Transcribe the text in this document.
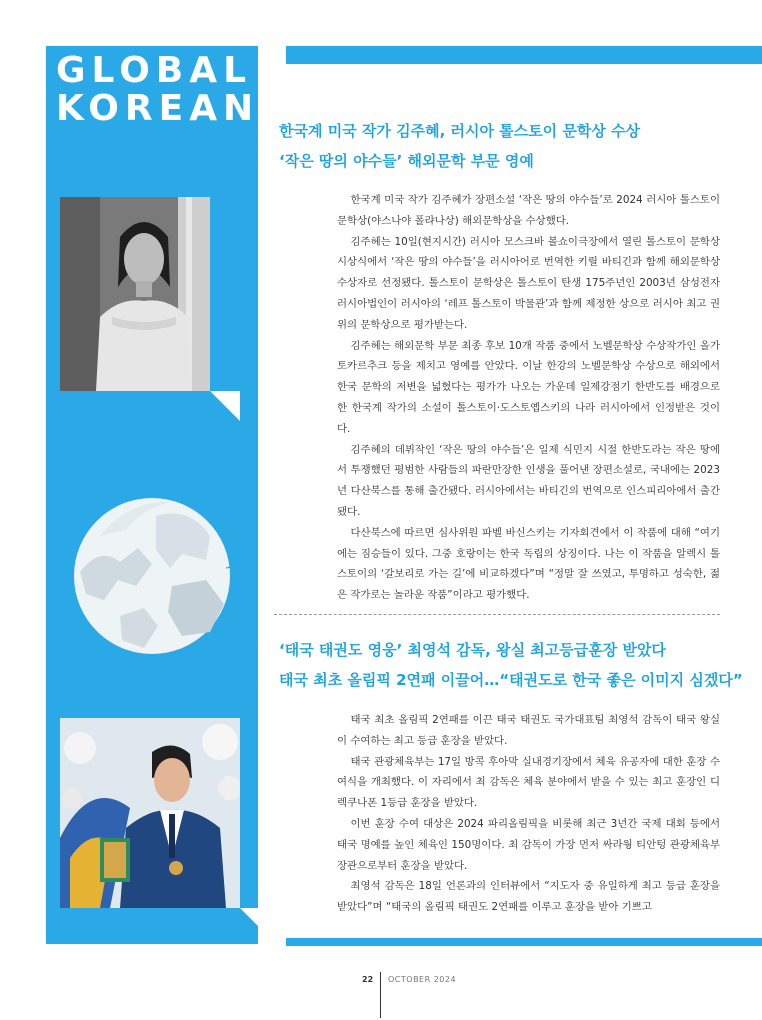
GLOBAL
KOREAN
한국계 미국 작가 김주혜, 러시아 톨스토이 문학상 수상
‘작은 땅의 야수들’ 해외문학 부문 영예

한국계 미국 작가 김주혜가 장편소설 ‘작은 땅의 야수들’로 2024 러시아 톨스토이 문학상(야스나야 폴랴나상) 해외문학상을 수상했다.

김주혜는 10일(현지시간) 러시아 모스크바 볼쇼이극장에서 열린 톨스토이 문학상 시상식에서 ‘작은 땅의 야수들’을 러시아어로 번역한 키릴 바티긴과 함께 해외문학상 수상자로 선정됐다. 톨스토이 문학상은 톨스토이 탄생 175주년인 2003년 삼성전자 러시아법인이 러시아의 ‘레프 톨스토이 박물관’과 함께 제정한 상으로 러시아 최고 권위의 문학상으로 평가받는다.

김주혜는 해외문학 부문 최종 후보 10개 작품 중에서 노벨문학상 수상작가인 올가 토카르추크 등을 제치고 영예를 안았다. 이날 한강의 노벨문학상 수상으로 해외에서 한국 문학의 저변을 넓혔다는 평가가 나오는 가운데 일제강점기 한반도를 배경으로 한 한국계 작가의 소설이 톨스토이·도스토옙스키의 나라 러시아에서 인정받은 것이다.

김주혜의 데뷔작인 ‘작은 땅의 야수들’은 일제 식민지 시절 한반도라는 작은 땅에서 투쟁했던 평범한 사람들의 파란만장한 인생을 풀어낸 장편소설로, 국내에는 2023년 다산북스를 통해 출간됐다. 러시아에서는 바티긴의 번역으로 인스피리아에서 출간됐다.

다산북스에 따르면 심사위원 파벨 바신스키는 기자회견에서 이 작품에 대해 “여기에는 짐승들이 있다. 그중 호랑이는 한국 독립의 상징이다. 나는 이 작품을 알렉시 톨스토이의 ‘갈보리로 가는 길’에 비교하겠다”며 “정말 잘 쓰였고, 투명하고 성숙한, 젊은 작가로는 놀라운 작품”이라고 평가했다.

‘태국 태권도 영웅’ 최영석 감독, 왕실 최고등급훈장 받았다
태국 최초 올림픽 2연패 이끌어…“태권도로 한국 좋은 이미지 심겠다”

태국 최초 올림픽 2연패를 이끈 태국 태권도 국가대표팀 최영석 감독이 태국 왕실이 수여하는 최고 등급 훈장을 받았다.

태국 관광체육부는 17일 방콕 후아막 실내경기장에서 체육 유공자에 대한 훈장 수여식을 개최했다. 이 자리에서 최 감독은 체육 분야에서 받을 수 있는 최고 훈장인 디렉쿠나폰 1등급 훈장을 받았다.

이번 훈장 수여 대상은 2024 파리올림픽을 비롯해 최근 3년간 국제 대회 등에서 태국 명예를 높인 체육인 150명이다. 최 감독이 가장 먼저 싸라웡 티안텅 관광체육부 장관으로부터 훈장을 받았다.

최영석 감독은 18일 언론과의 인터뷰에서 “지도자 중 유일하게 최고 등급 훈장을 받았다”며 “태국의 올림픽 태권도 2연패를 이루고 훈장을 받아 기쁘고

22 OCTOBER 2024
